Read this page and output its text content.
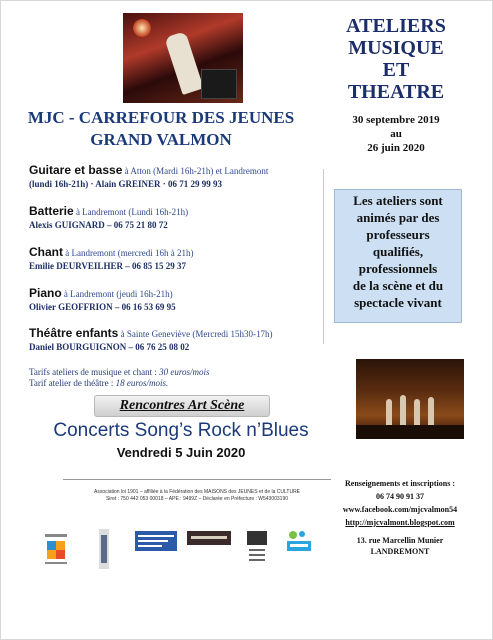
ATELIERS
MUSIQUE
ET
THEATRE
30 septembre 2019
au
26 juin 2020
MJC - CARREFOUR DES JEUNES
GRAND VALMON
Guitare et basse à Atton (Mardi 16h-21h) et Landremont
(lundi 16h-21h) · Alain GREINER · 06 71 29 99 93
Batterie à Landremont (Lundi 16h-21h)
Alexis GUIGNARD – 06 75 21 80 72
Chant à Landremont (mercredi 16h à 21h)
Emilie DEURVEILHER – 06 85 15 29 37
Piano à Landremont (jeudi 16h-21h)
Olivier GEOFFRION – 06 16 53 69 95
Théâtre enfants à Sainte Geneviève (Mercredi 15h30-17h)
Daniel BOURGUIGNON – 06 76 25 08 02
Les ateliers sont
animés par des
professeurs
qualifiés,
professionnels
de la scène et du
spectacle vivant
Tarifs ateliers de musique et chant : 30 euros/mois
Tarif atelier de théâtre : 18 euros/mois.
Rencontres Art Scène
Concerts Song’s Rock n’Blues
Vendredi 5 Juin 2020
Association loi 1901 – affiliée à la Fédération des MAISONS des JEUNES et de la CULTURE
Siret : 750 442 053 00018 – APE : 9499Z – Déclarée en Préfecture : W543003190
Renseignements et inscriptions :
06 74 90 91 37
www.facebook.com/mjcvalmon54
http://mjcvalmont.blogspot.com
13. rue Marcellin Munier
LANDREMONT
